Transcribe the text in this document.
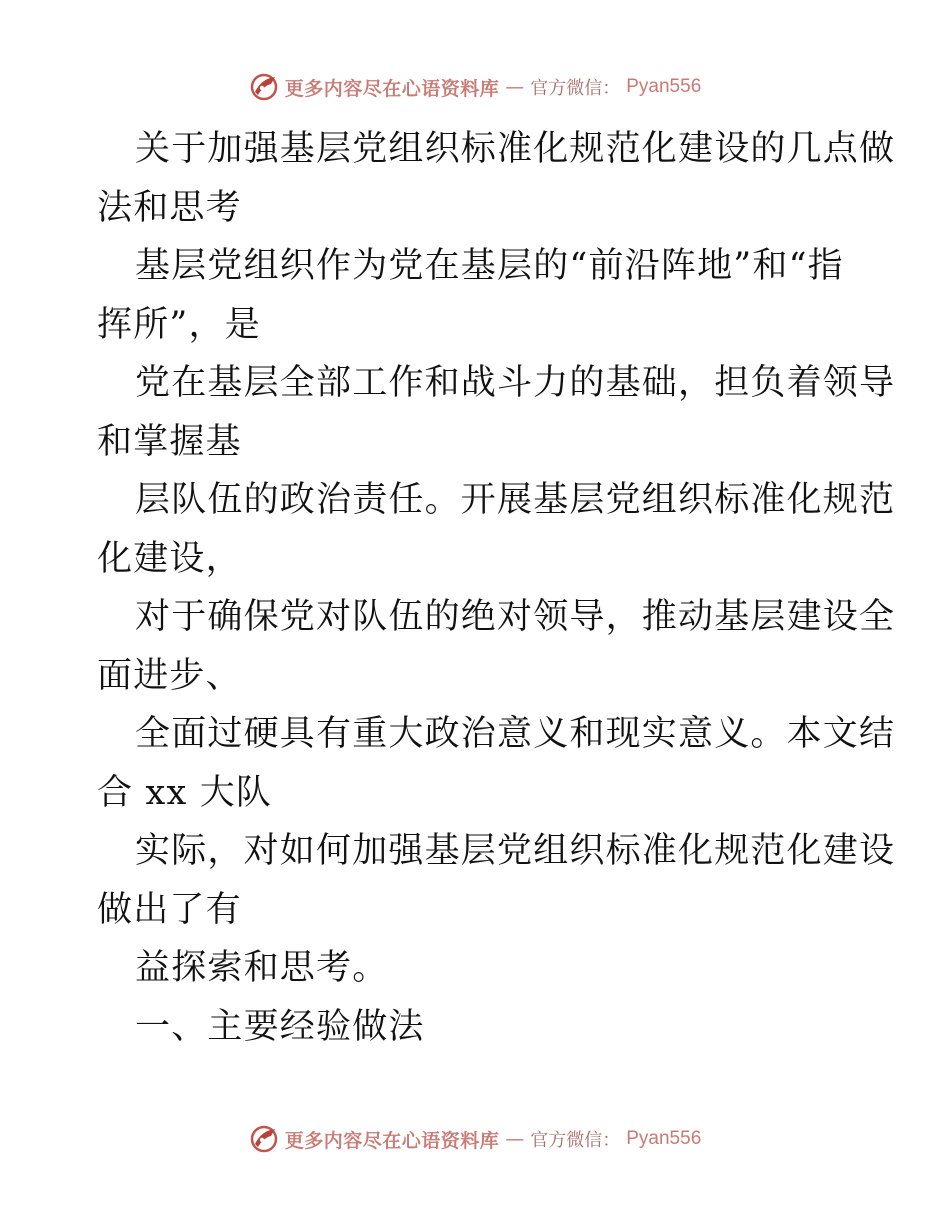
更多内容尽在心语资料库 — 官方微信： Pyan556
关于加强基层党组织标准化规范化建设的几点做
法和思考
基层党组织作为党在基层的“前沿阵地”和“指
挥所”，是
党在基层全部工作和战斗力的基础，担负着领导
和掌握基
层队伍的政治责任。开展基层党组织标准化规范
化建设，
对于确保党对队伍的绝对领导，推动基层建设全
面进步、
全面过硬具有重大政治意义和现实意义。本文结
合 xx 大队
实际，对如何加强基层党组织标准化规范化建设
做出了有
益探索和思考。
一、主要经验做法
更多内容尽在心语资料库 — 官方微信： Pyan556
